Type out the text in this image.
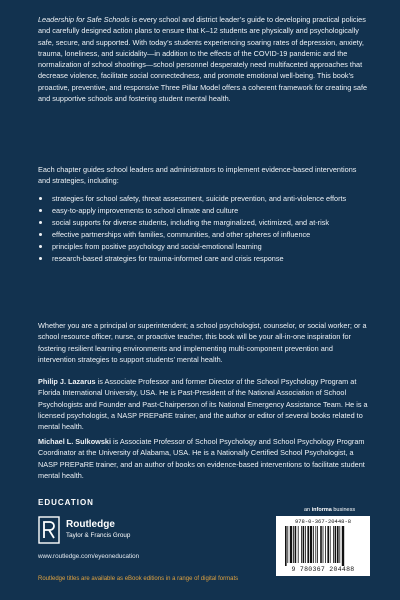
Leadership for Safe Schools is every school and district leader’s guide to developing practical policies and carefully designed action plans to ensure that K–12 students are physically and psychologically safe, secure, and supported. With today’s students experiencing soaring rates of depression, anxiety, trauma, loneliness, and suicidality—in addition to the effects of the COVID-19 pandemic and the normalization of school shootings—school personnel desperately need multifaceted approaches that decrease violence, facilitate social connectedness, and promote emotional well-being. This book’s proactive, preventive, and responsive Three Pillar Model offers a coherent framework for creating safe and supportive schools and fostering student mental health.

Each chapter guides school leaders and administrators to implement evidence-based interventions and strategies, including:
strategies for school safety, threat assessment, suicide prevention, and anti-violence efforts
easy-to-apply improvements to school climate and culture
social supports for diverse students, including the marginalized, victimized, and at-risk
effective partnerships with families, communities, and other spheres of influence
principles from positive psychology and social-emotional learning
research-based strategies for trauma-informed care and crisis response

Whether you are a principal or superintendent; a school psychologist, counselor, or social worker; or a school resource officer, nurse, or proactive teacher, this book will be your all-in-one inspiration for fostering resilient learning environments and implementing multi-component prevention and intervention strategies to support students’ mental health.

Philip J. Lazarus is Associate Professor and former Director of the School Psychology Program at Florida International University, USA. He is Past-President of the National Association of School Psychologists and Founder and Past-Chairperson of its National Emergency Assistance Team. He is a licensed psychologist, a NASP PREPaRE trainer, and the author or editor of several books related to mental health.

Michael L. Sulkowski is Associate Professor of School Psychology and School Psychology Program Coordinator at the University of Alabama, USA. He is a Nationally Certified School Psychologist, a NASP PREPaRE trainer, and an author of books on evidence-based interventions to facilitate student mental health.

EDUCATION
Routledge
Taylor & Francis Group
www.routledge.com/eyeoneducation
Routledge titles are available as eBook editions in a range of digital formats
an informa business
978-0-367-20448-8
9 780367 204488
